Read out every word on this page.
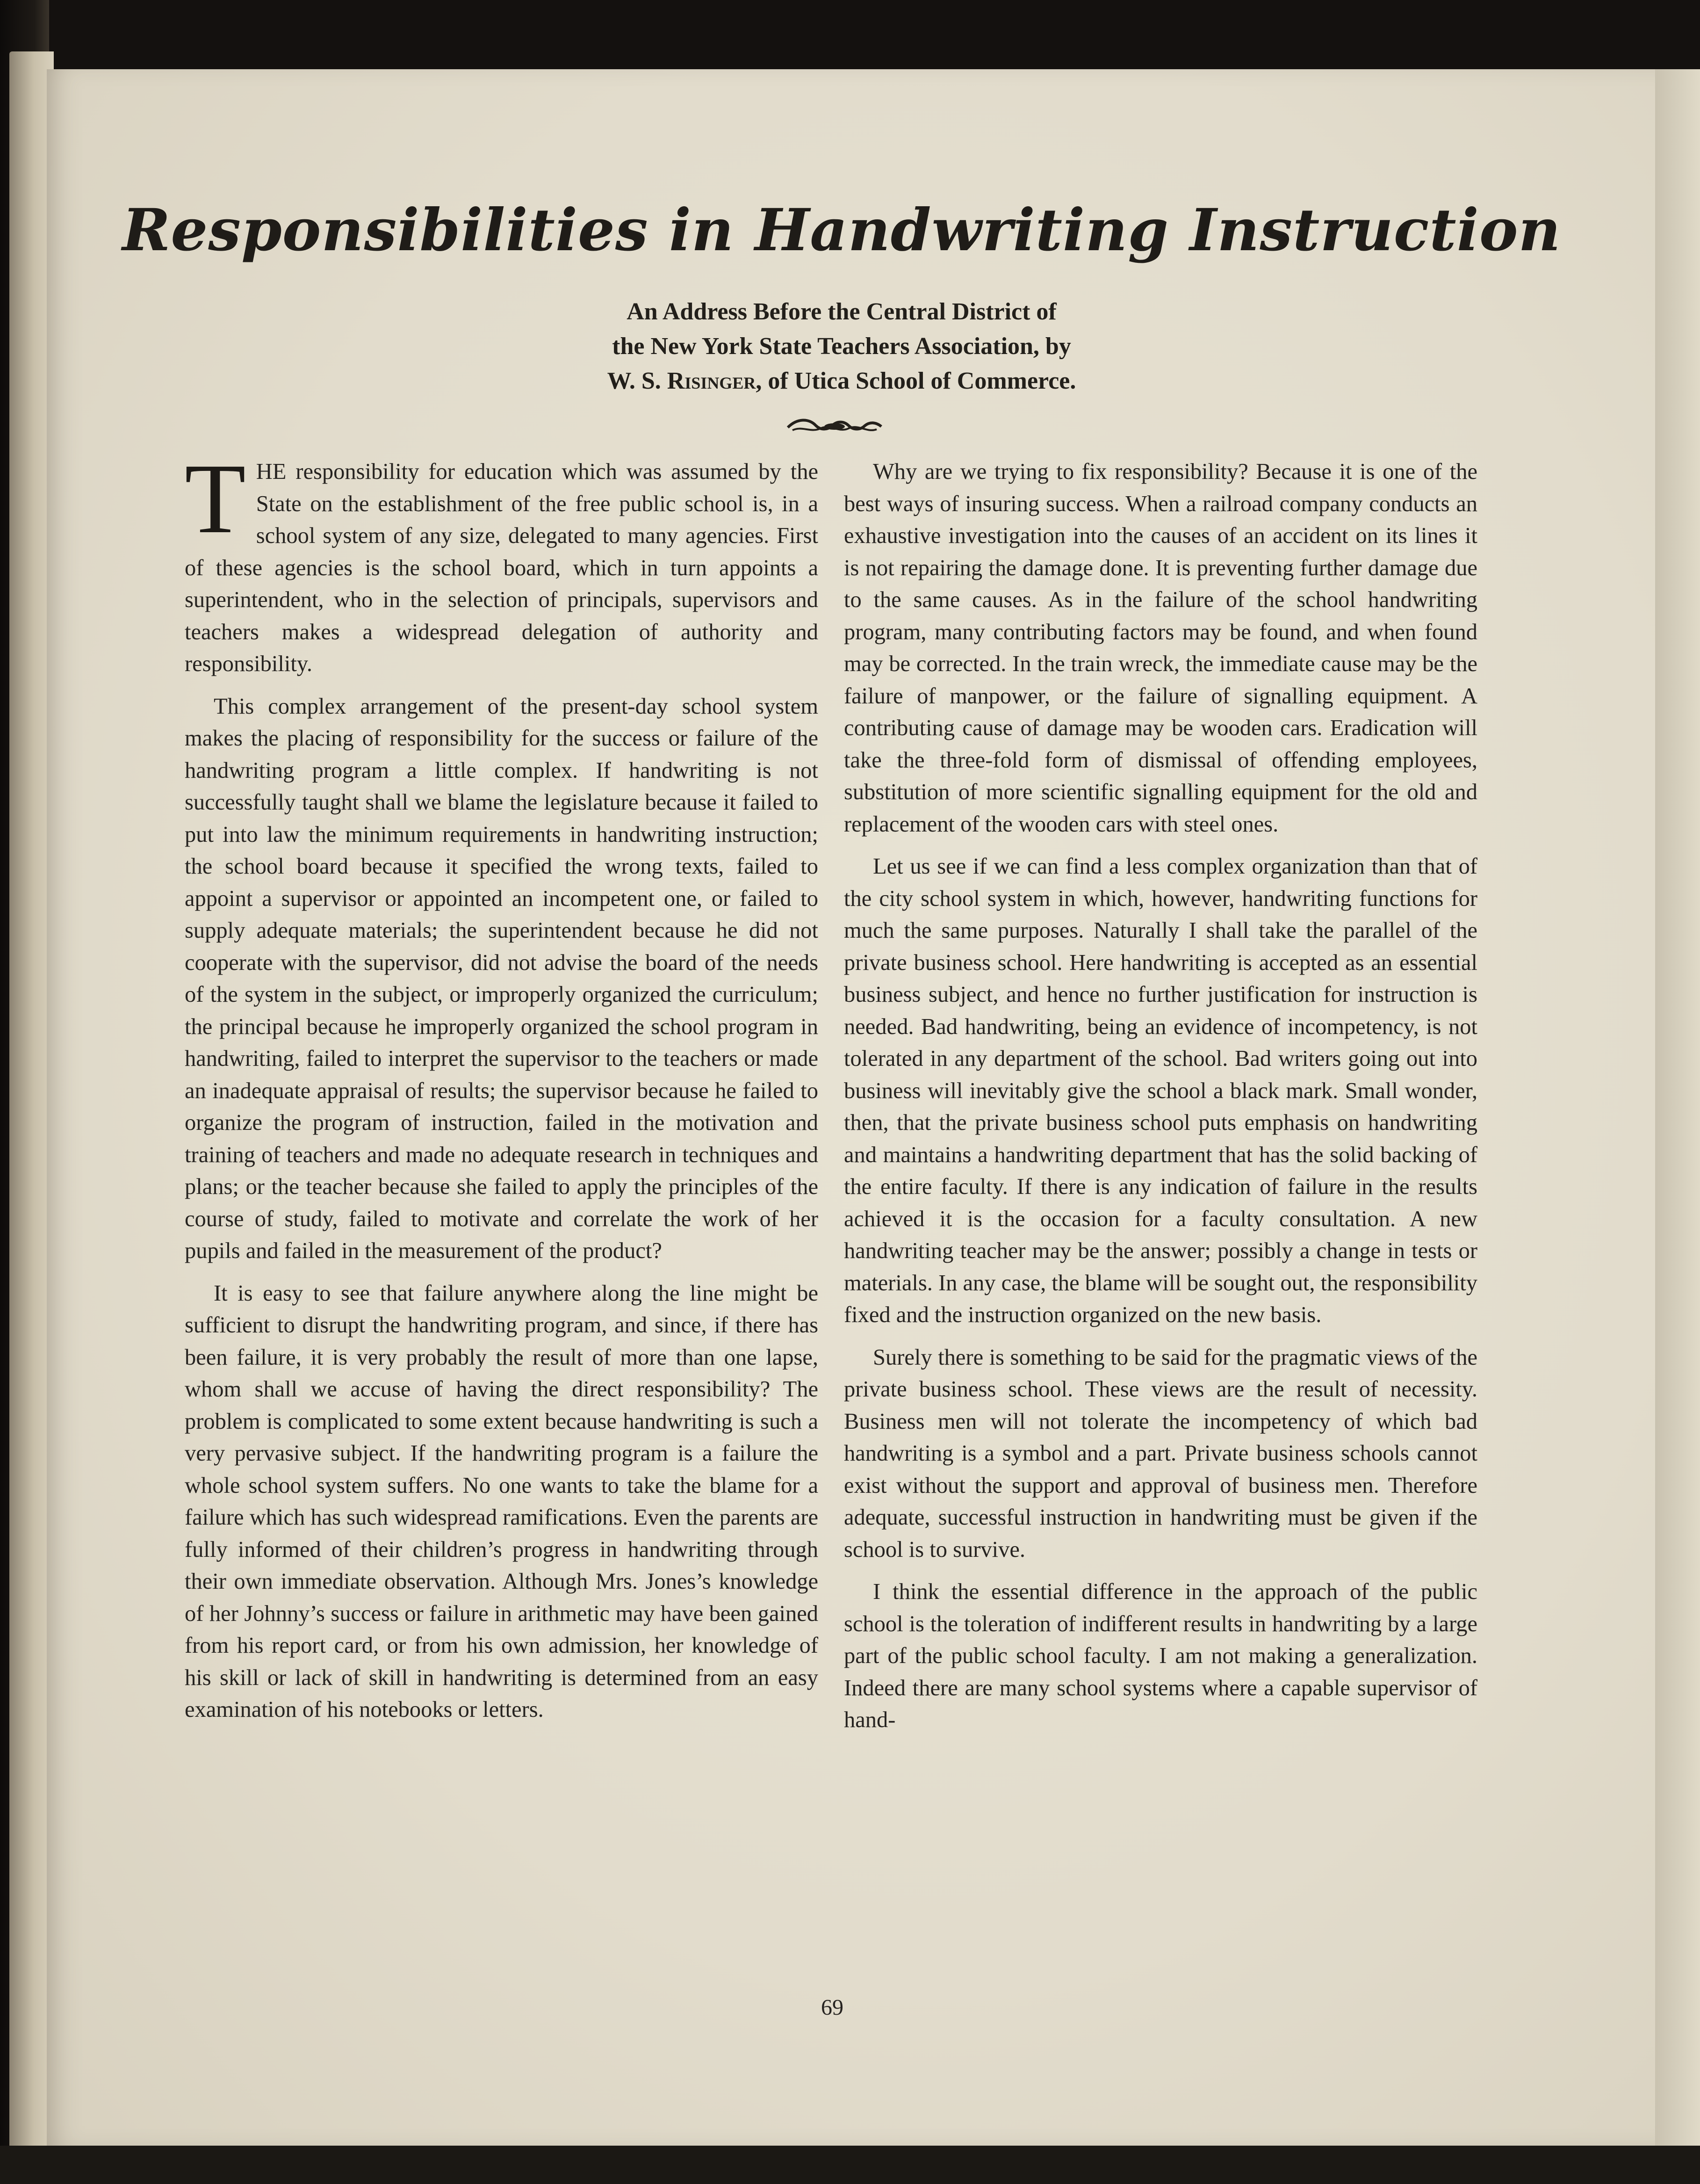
Responsibilities in Handwriting Instruction
An Address Before the Central District of
the New York State Teachers Association, by
W. S. Risinger, of Utica School of Commerce.

THE responsibility for education which was assumed by the State on the establishment of the free public school is, in a school system of any size, delegated to many agencies. First of these agencies is the school board, which in turn appoints a superintendent, who in the selection of principals, supervisors and teachers makes a widespread delegation of authority and responsibility.

This complex arrangement of the present-day school system makes the placing of responsibility for the success or failure of the handwriting program a little complex. If handwriting is not successfully taught shall we blame the legislature because it failed to put into law the minimum requirements in handwriting instruction; the school board because it specified the wrong texts, failed to appoint a supervisor or appointed an incompetent one, or failed to supply adequate materials; the superintendent because he did not cooperate with the supervisor, did not advise the board of the needs of the system in the subject, or improperly organized the curriculum; the principal because he improperly organized the school program in handwriting, failed to interpret the supervisor to the teachers or made an inadequate appraisal of results; the supervisor because he failed to organize the program of instruction, failed in the motivation and training of teachers and made no adequate research in techniques and plans; or the teacher because she failed to apply the principles of the course of study, failed to motivate and correlate the work of her pupils and failed in the measurement of the product?

It is easy to see that failure anywhere along the line might be sufficient to disrupt the handwriting program, and since, if there has been failure, it is very probably the result of more than one lapse, whom shall we accuse of having the direct responsibility? The problem is complicated to some extent because handwriting is such a very pervasive subject. If the handwriting program is a failure the whole school system suffers. No one wants to take the blame for a failure which has such widespread ramifications. Even the parents are fully informed of their children’s progress in handwriting through their own immediate observation. Although Mrs. Jones’s knowledge of her Johnny’s success or failure in arithmetic may have been gained from his report card, or from his own admission, her knowledge of his skill or lack of skill in handwriting is determined from an easy examination of his notebooks or letters.

Why are we trying to fix responsibility? Because it is one of the best ways of insuring success. When a railroad company conducts an exhaustive investigation into the causes of an accident on its lines it is not repairing the damage done. It is preventing further damage due to the same causes. As in the failure of the school handwriting program, many contributing factors may be found, and when found may be corrected. In the train wreck, the immediate cause may be the failure of manpower, or the failure of signalling equipment. A contributing cause of damage may be wooden cars. Eradication will take the three-fold form of dismissal of offending employees, substitution of more scientific signalling equipment for the old and replacement of the wooden cars with steel ones.

Let us see if we can find a less complex organization than that of the city school system in which, however, handwriting functions for much the same purposes. Naturally I shall take the parallel of the private business school. Here handwriting is accepted as an essential business subject, and hence no further justification for instruction is needed. Bad handwriting, being an evidence of incompetency, is not tolerated in any department of the school. Bad writers going out into business will inevitably give the school a black mark. Small wonder, then, that the private business school puts emphasis on handwriting and maintains a handwriting department that has the solid backing of the entire faculty. If there is any indication of failure in the results achieved it is the occasion for a faculty consultation. A new handwriting teacher may be the answer; possibly a change in tests or materials. In any case, the blame will be sought out, the responsibility fixed and the instruction organized on the new basis.

Surely there is something to be said for the pragmatic views of the private business school. These views are the result of necessity. Business men will not tolerate the incompetency of which bad handwriting is a symbol and a part. Private business schools cannot exist without the support and approval of business men. Therefore adequate, successful instruction in handwriting must be given if the school is to survive.

I think the essential difference in the approach of the public school is the toleration of indifferent results in handwriting by a large part of the public school faculty. I am not making a generalization. Indeed there are many school systems where a capable supervisor of hand-

69
